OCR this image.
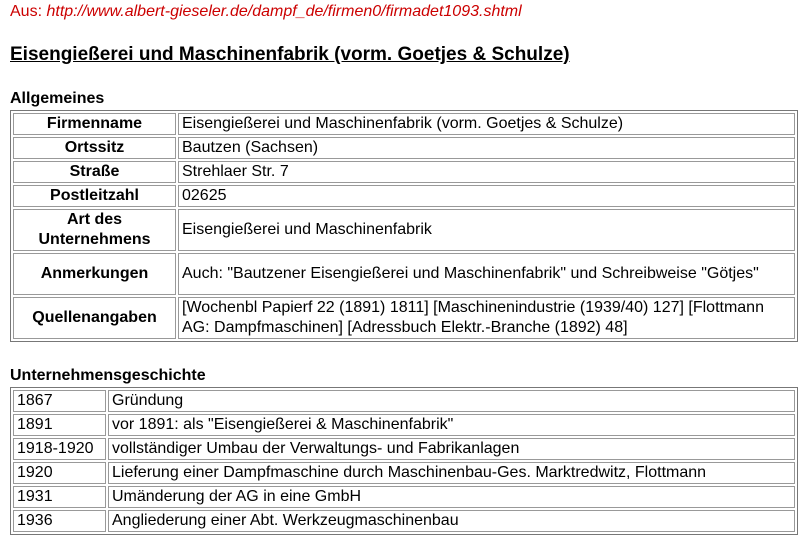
Aus: http://www.albert-gieseler.de/dampf_de/firmen0/firmadet1093.shtml
Eisengießerei und Maschinenfabrik (vorm. Goetjes & Schulze)
Allgemeines
Firmenname	Eisengießerei und Maschinenfabrik (vorm. Goetjes & Schulze)
Ortssitz	Bautzen (Sachsen)
Straße	Strehlaer Str. 7
Postleitzahl	02625
Art des Unternehmens	Eisengießerei und Maschinenfabrik
Anmerkungen	Auch: "Bautzener Eisengießerei und Maschinenfabrik" und Schreibweise "Götjes"
Quellenangaben	[Wochenbl Papierf 22 (1891) 1811] [Maschinenindustrie (1939/40) 127] [Flottmann AG: Dampfmaschinen] [Adressbuch Elektr.-Branche (1892) 48]
Unternehmensgeschichte
1867	Gründung
1891	vor 1891: als "Eisengießerei & Maschinenfabrik"
1918-1920	vollständiger Umbau der Verwaltungs- und Fabrikanlagen
1920	Lieferung einer Dampfmaschine durch Maschinenbau-Ges. Marktredwitz, Flottmann
1931	Umänderung der AG in eine GmbH
1936	Angliederung einer Abt. Werkzeugmaschinenbau
